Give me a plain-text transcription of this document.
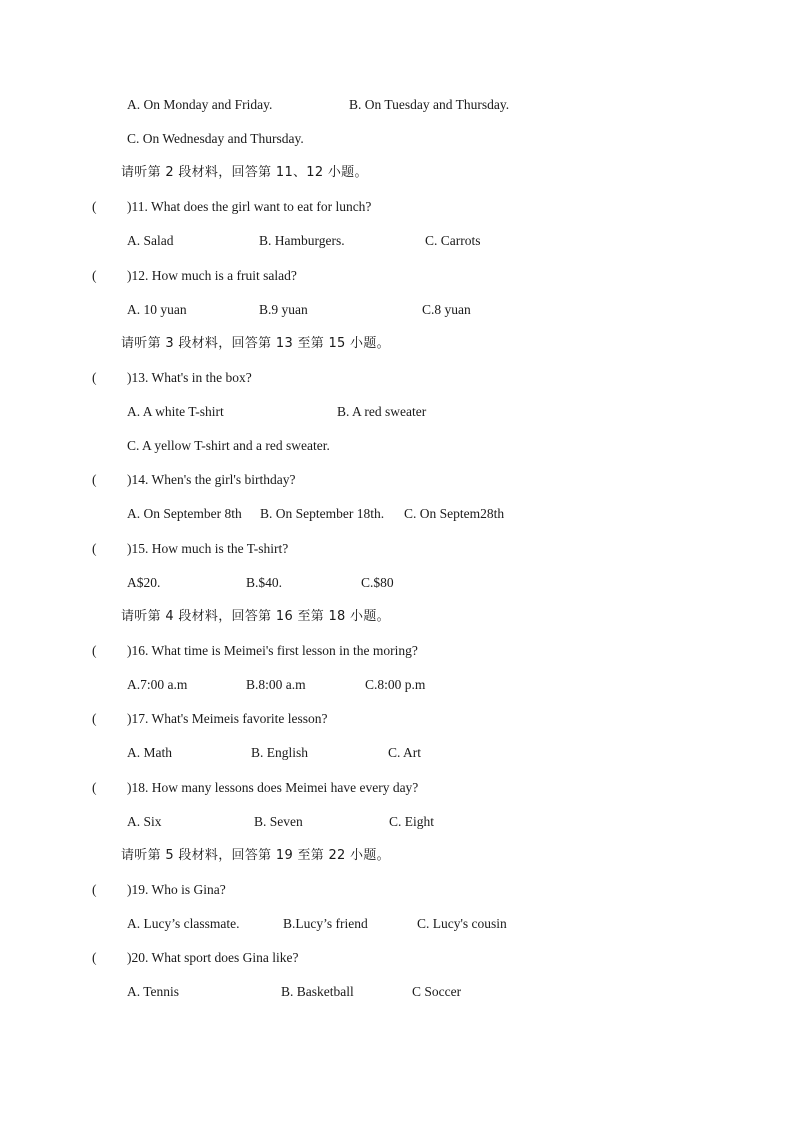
A. On Monday and Friday.	B. On Tuesday and Thursday.
C. On Wednesday and Thursday.
请听第 2 段材料，回答第 11、12 小题。
( )11. What does the girl want to eat for lunch?
A. Salad	B. Hamburgers.	C. Carrots
( )12. How much is a fruit salad?
A. 10 yuan	B.9 yuan	C.8 yuan
请听第 3 段材料，回答第 13 至第 15 小题。
( )13. What's in the box?
A. A white T-shirt	B. A red sweater
C. A yellow T-shirt and a red sweater.
( )14. When's the girl's birthday?
A. On September 8th B. On September 18th. C. On Septem28th
( )15. How much is the T-shirt?
A$20.	B.$40.	C.$80
请听第 4 段材料，回答第 16 至第 18 小题。
( )16. What time is Meimei's first lesson in the moring?
A.7:00 a.m	B.8:00 a.m	C.8:00 p.m
( )17. What's Meimeis favorite lesson?
A. Math	B. English	C. Art
( )18. How many lessons does Meimei have every day?
A. Six	B. Seven	C. Eight
请听第 5 段材料，回答第 19 至第 22 小题。
( )19. Who is Gina?
A. Lucy’s classmate.	B.Lucy’s friend	C. Lucy's cousin
( )20. What sport does Gina like?
A. Tennis	B. Basketball	C Soccer
